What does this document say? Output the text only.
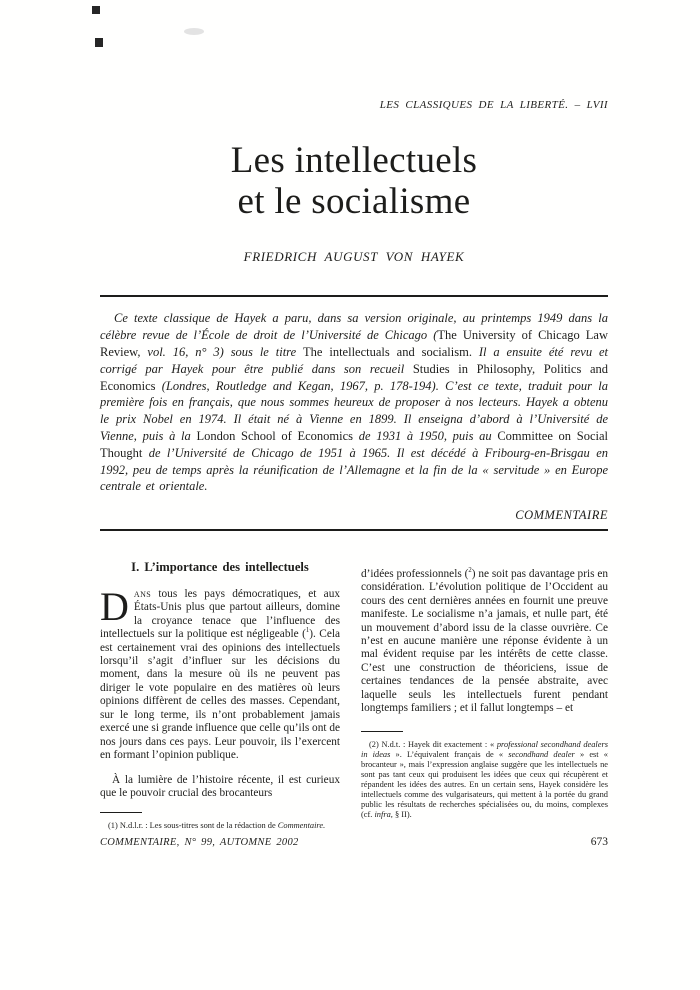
LES CLASSIQUES DE LA LIBERTÉ. – LVII
Les intellectuels
et le socialisme
FRIEDRICH AUGUST VON HAYEK

Ce texte classique de Hayek a paru, dans sa version originale, au printemps 1949 dans la célèbre revue de l’École de droit de l’Université de Chicago (The University of Chicago Law Review, vol. 16, n° 3) sous le titre The intellectuals and socialism. Il a ensuite été revu et corrigé par Hayek pour être publié dans son recueil Studies in Philosophy, Politics and Economics (Londres, Routledge and Kegan, 1967, p. 178-194). C’est ce texte, traduit pour la première fois en français, que nous sommes heureux de proposer à nos lecteurs. Hayek a obtenu le prix Nobel en 1974. Il était né à Vienne en 1899. Il enseigna d’abord à l’Université de Vienne, puis à la London School of Economics de 1931 à 1950, puis au Committee on Social Thought de l’Université de Chicago de 1951 à 1965. Il est décédé à Fribourg-en-Brisgau en 1992, peu de temps après la réunification de l’Allemagne et la fin de la « servitude » en Europe centrale et orientale.

COMMENTAIRE
I. L’importance des intellectuels

Dans tous les pays démocratiques, et aux États-Unis plus que partout ailleurs, domine la croyance tenace que l’influence des intellectuels sur la politique est négligeable ($^1$). Cela est certainement vrai des opinions des intellectuels lorsqu’il s’agit d’influer sur les décisions du moment, dans la mesure où ils ne peuvent pas diriger le vote populaire en des matières où leurs opinions diffèrent de celles des masses. Cependant, sur le long terme, ils n’ont probablement jamais exercé une si grande influence que celle qu’ils ont de nos jours dans ces pays. Leur pouvoir, ils l’exercent en formant l’opinion publique.

À la lumière de l’histoire récente, il est curieux que le pouvoir crucial des brocanteurs

(1) N.d.l.r. : Les sous-titres sont de la rédaction de Commentaire.

d’idées professionnels ($^2$) ne soit pas davantage pris en considération. L’évolution politique de l’Occident au cours des cent dernières années en fournit une preuve manifeste. Le socialisme n’a jamais, et nulle part, été un mouvement d’abord issu de la classe ouvrière. Ce n’est en aucune manière une réponse évidente à un mal évident requise par les intérêts de cette classe. C’est une construction de théoriciens, issue de certaines tendances de la pensée abstraite, avec laquelle seuls les intellectuels furent pendant longtemps familiers ; et il fallut longtemps – et

(2) N.d.t. : Hayek dit exactement : « professional secondhand dealers in ideas ». L’équivalent français de « secondhand dealer » est « brocanteur », mais l’expression anglaise suggère que les intellectuels ne sont pas tant ceux qui produisent les idées que ceux qui récupèrent et répandent les idées des autres. En un certain sens, Hayek considère les intellectuels comme des vulgarisateurs, qui mettent à la portée du grand public les résultats de recherches spécialisées ou, du moins, complexes (cf. infra, § II).

COMMENTAIRE, N° 99, AUTOMNE 2002	673
